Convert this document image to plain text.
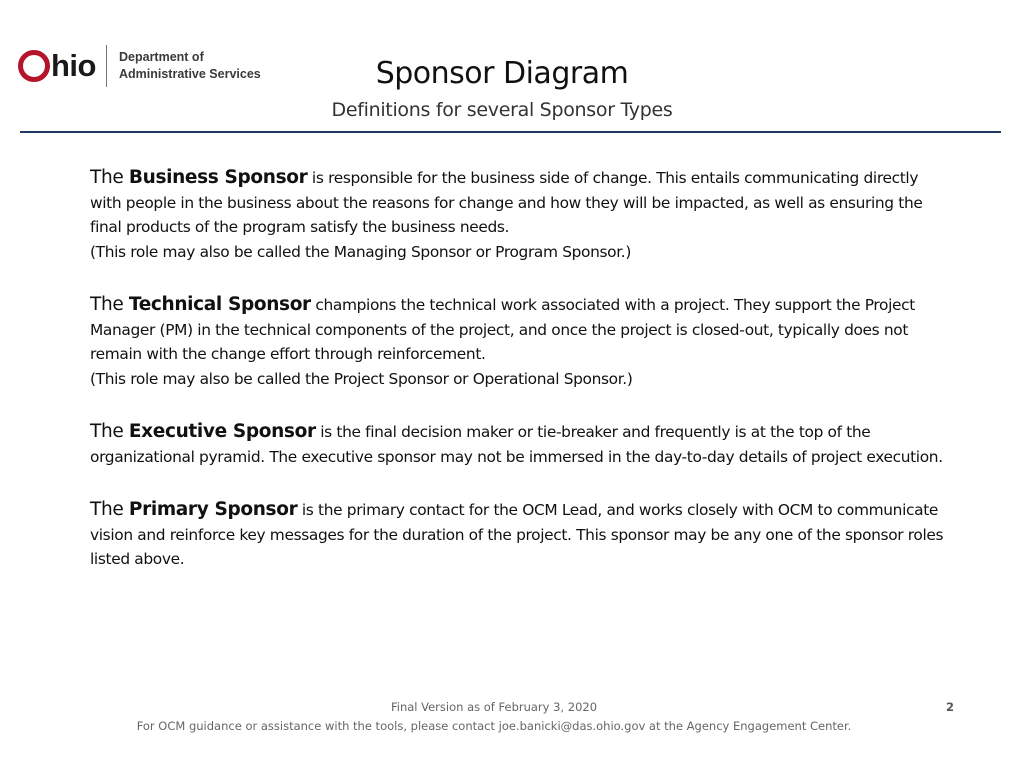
hio Department of
Administrative Services	Sponsor Diagram
Definitions for several Sponsor Types

The Business Sponsor is responsible for the business side of change. This entails communicating directly with people in the business about the reasons for change and how they will be impacted, as well as ensuring the final products of the program satisfy the business needs.
(This role may also be called the Managing Sponsor or Program Sponsor.)

The Technical Sponsor champions the technical work associated with a project. They support the Project Manager (PM) in the technical components of the project, and once the project is closed-out, typically does not remain with the change effort through reinforcement.
(This role may also be called the Project Sponsor or Operational Sponsor.)

The Executive Sponsor is the final decision maker or tie-breaker and frequently is at the top of the organizational pyramid. The executive sponsor may not be immersed in the day-to-day details of project execution.

The Primary Sponsor is the primary contact for the OCM Lead, and works closely with OCM to communicate vision and reinforce key messages for the duration of the project. This sponsor may be any one of the sponsor roles listed above.

Final Version as of February 3, 2020	2
For OCM guidance or assistance with the tools, please contact joe.banicki@das.ohio.gov at the Agency Engagement Center.
